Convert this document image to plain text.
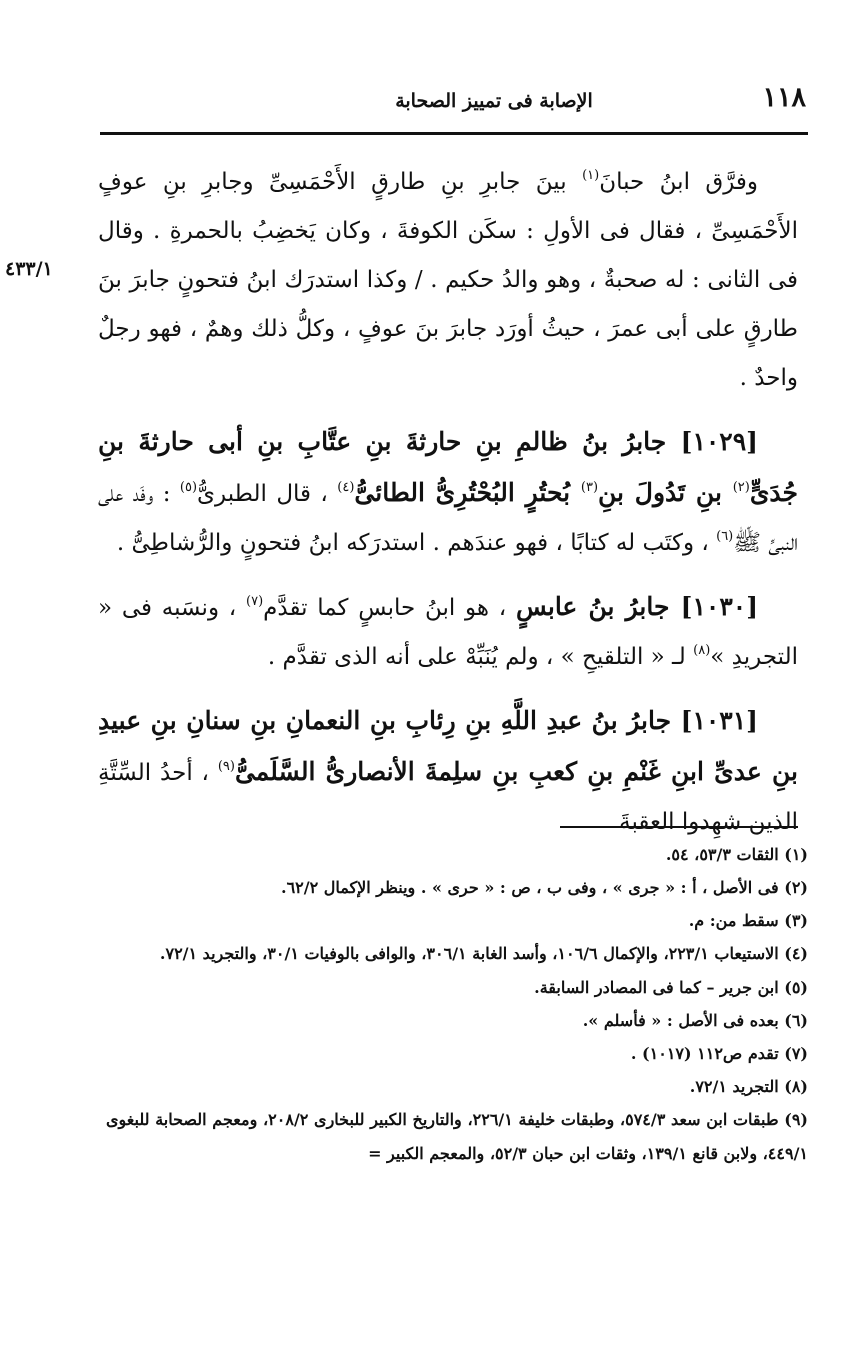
١١٨
الإصابة فى تمييز الصحابة
٤٣٣/١

وفرَّق ابنُ حبانَ$^{(١)}$ بينَ جابرِ بنِ طارقٍ الأَحْمَسِىِّ وجابرِ بنِ عوفٍ الأَحْمَسِىِّ ، فقال فى الأولِ : سكَن الكوفةَ ، وكان يَخضِبُ بالحمرةِ . وقال فى الثانى : له صحبةٌ ، وهو والدُ حكيم . / وكذا استدرَك ابنُ فتحونٍ جابرَ بنَ طارقٍ على أبى عمرَ ، حيثُ أورَد جابرَ بنَ عوفٍ ، وكلُّ ذلك وهمٌ ، فهو رجلٌ واحدٌ .

[١٠٢٩] جابرُ بنُ ظالمِ بنِ حارثةَ بنِ عتَّابِ بنِ أبى حارثةَ بنِ جُدَىٍّ$^{(٢)}$ بنِ تَدُولَ بنِ$^{(٣)}$ بُحتُرٍ البُحْتُرِىُّ الطائىُّ$^{(٤)}$ ، قال الطبرىُّ$^{(٥)}$ : وفَد على النبىِّ ﷺ$^{(٦)}$ ، وكتَب له كتابًا ، فهو عندَهم . استدرَكه ابنُ فتحونٍ والرُّشاطِىُّ .

[١٠٣٠] جابرُ بنُ عابسٍ ، هو ابنُ حابسٍ كما تقدَّم$^{(٧)}$ ، ونسَبه فى « التجريدِ »$^{(٨)}$ لـ « التلقيحِ » ، ولم يُنَبِّهْ على أنه الذى تقدَّم .

[١٠٣١] جابرُ بنُ عبدِ اللَّهِ بنِ رِئابِ بنِ النعمانِ بنِ سنانِ بنِ عبيدِ بنِ عدىِّ ابنِ غَنْمِ بنِ كعبِ بنِ سلِمةَ الأنصارىُّ السَّلَمىُّ$^{(٩)}$ ، أحدُ السِّتَّةِ الذين شهِدوا العقبةَ

(١) الثقات ٥٣/٣، ٥٤.
(٢) فى الأصل ، أ : « جرى » ، وفى ب ، ص : « حرى » . وينظر الإكمال ٦٢/٢.
(٣) سقط من: م.
(٤) الاستيعاب ٢٢٣/١، والإكمال ١٠٦/٦، وأسد الغابة ٣٠٦/١، والوافى بالوفيات ٣٠/١، والتجريد ٧٢/١.
(٥) ابن جرير – كما فى المصادر السابقة.
(٦) بعده فى الأصل : « فأسلم ».
(٧) تقدم ص١١٢ (١٠١٧) .
(٨) التجريد ٧٢/١.
(٩) طبقات ابن سعد ٥٧٤/٣، وطبقات خليفة ٢٢٦/١، والتاريخ الكبير للبخارى ٢٠٨/٢، ومعجم الصحابة للبغوى ٤٤٩/١، ولابن قانع ١٣٩/١، وثقات ابن حبان ٥٢/٣، والمعجم الكبير =
